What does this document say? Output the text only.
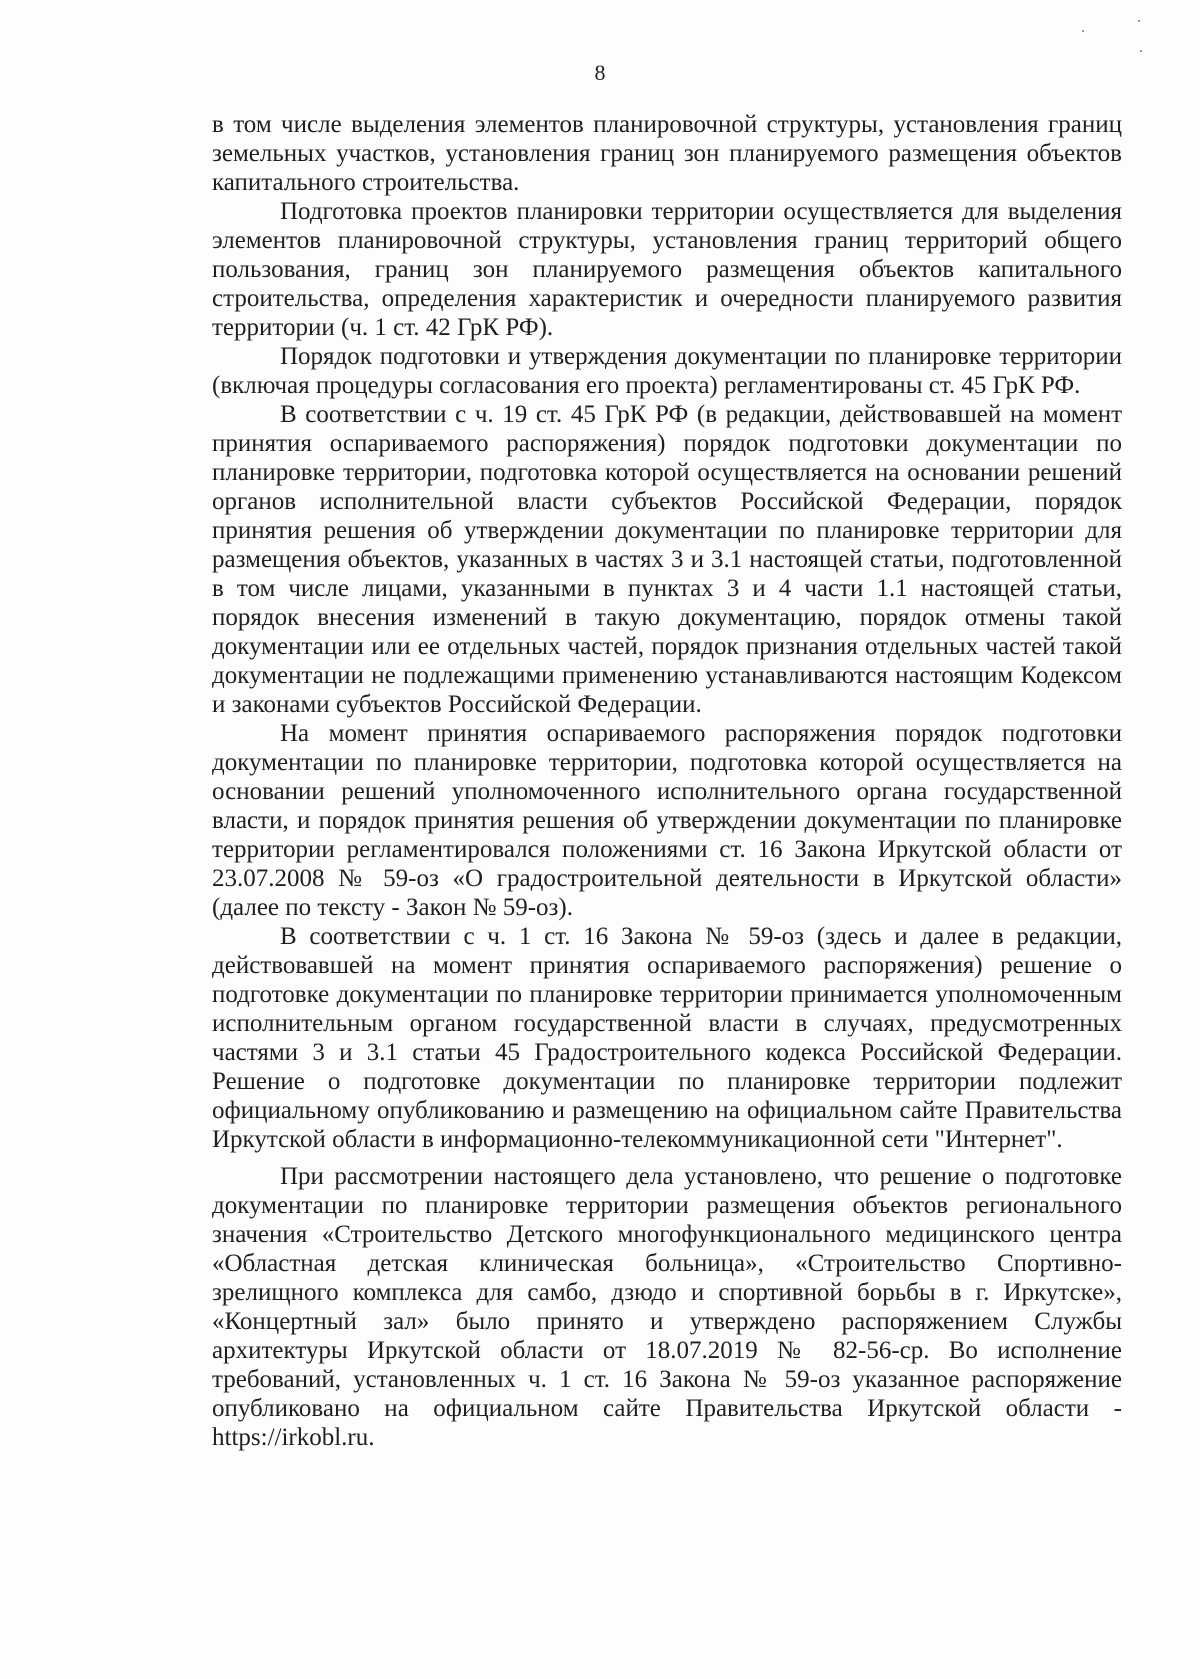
8

в том числе выделения элементов планировочной структуры, установления границ земельных участков, установления границ зон планируемого размещения объектов капитального строительства.

Подготовка проектов планировки территории осуществляется для выделения элементов планировочной структуры, установления границ территорий общего пользования, границ зон планируемого размещения объектов капитального строительства, определения характеристик и очередности планируемого развития территории (ч. 1 ст. 42 ГрК РФ).

Порядок подготовки и утверждения документации по планировке территории (включая процедуры согласования его проекта) регламентированы ст. 45 ГрК РФ.

В соответствии с ч. 19 ст. 45 ГрК РФ (в редакции, действовавшей на момент принятия оспариваемого распоряжения) порядок подготовки документации по планировке территории, подготовка которой осуществляется на основании решений органов исполнительной власти субъектов Российской Федерации, порядок принятия решения об утверждении документации по планировке территории для размещения объектов, указанных в частях 3 и 3.1 настоящей статьи, подготовленной в том числе лицами, указанными в пунктах 3 и 4 части 1.1 настоящей статьи, порядок внесения изменений в такую документацию, порядок отмены такой документации или ее отдельных частей, порядок признания отдельных частей такой документации не подлежащими применению устанавливаются настоящим Кодексом и законами субъектов Российской Федерации.

На момент принятия оспариваемого распоряжения порядок подготовки документации по планировке территории, подготовка которой осуществляется на основании решений уполномоченного исполнительного органа государственной власти, и порядок принятия решения об утверждении документации по планировке территории регламентировался положениями ст. 16 Закона Иркутской области от 23.07.2008 № 59-оз «О градостроительной деятельности в Иркутской области» (далее по тексту - Закон № 59-оз).

В соответствии с ч. 1 ст. 16 Закона № 59-оз (здесь и далее в редакции, действовавшей на момент принятия оспариваемого распоряжения) решение о подготовке документации по планировке территории принимается уполномоченным исполнительным органом государственной власти в случаях, предусмотренных частями 3 и 3.1 статьи 45 Градостроительного кодекса Российской Федерации. Решение о подготовке документации по планировке территории подлежит официальному опубликованию и размещению на официальном сайте Правительства Иркутской области в информационно-телекоммуникационной сети "Интернет".

При рассмотрении настоящего дела установлено, что решение о подготовке документации по планировке территории размещения объектов регионального значения «Строительство Детского многофункционального медицинского центра «Областная детская клиническая больница», «Строительство Спортивно-зрелищного комплекса для самбо, дзюдо и спортивной борьбы в г. Иркутске», «Концертный зал» было принято и утверждено распоряжением Службы архитектуры Иркутской области от 18.07.2019 № 82-56-ср. Во исполнение требований, установленных ч. 1 ст. 16 Закона № 59-оз указанное распоряжение опубликовано на официальном сайте Правительства Иркутской области - https://irkobl.ru.
